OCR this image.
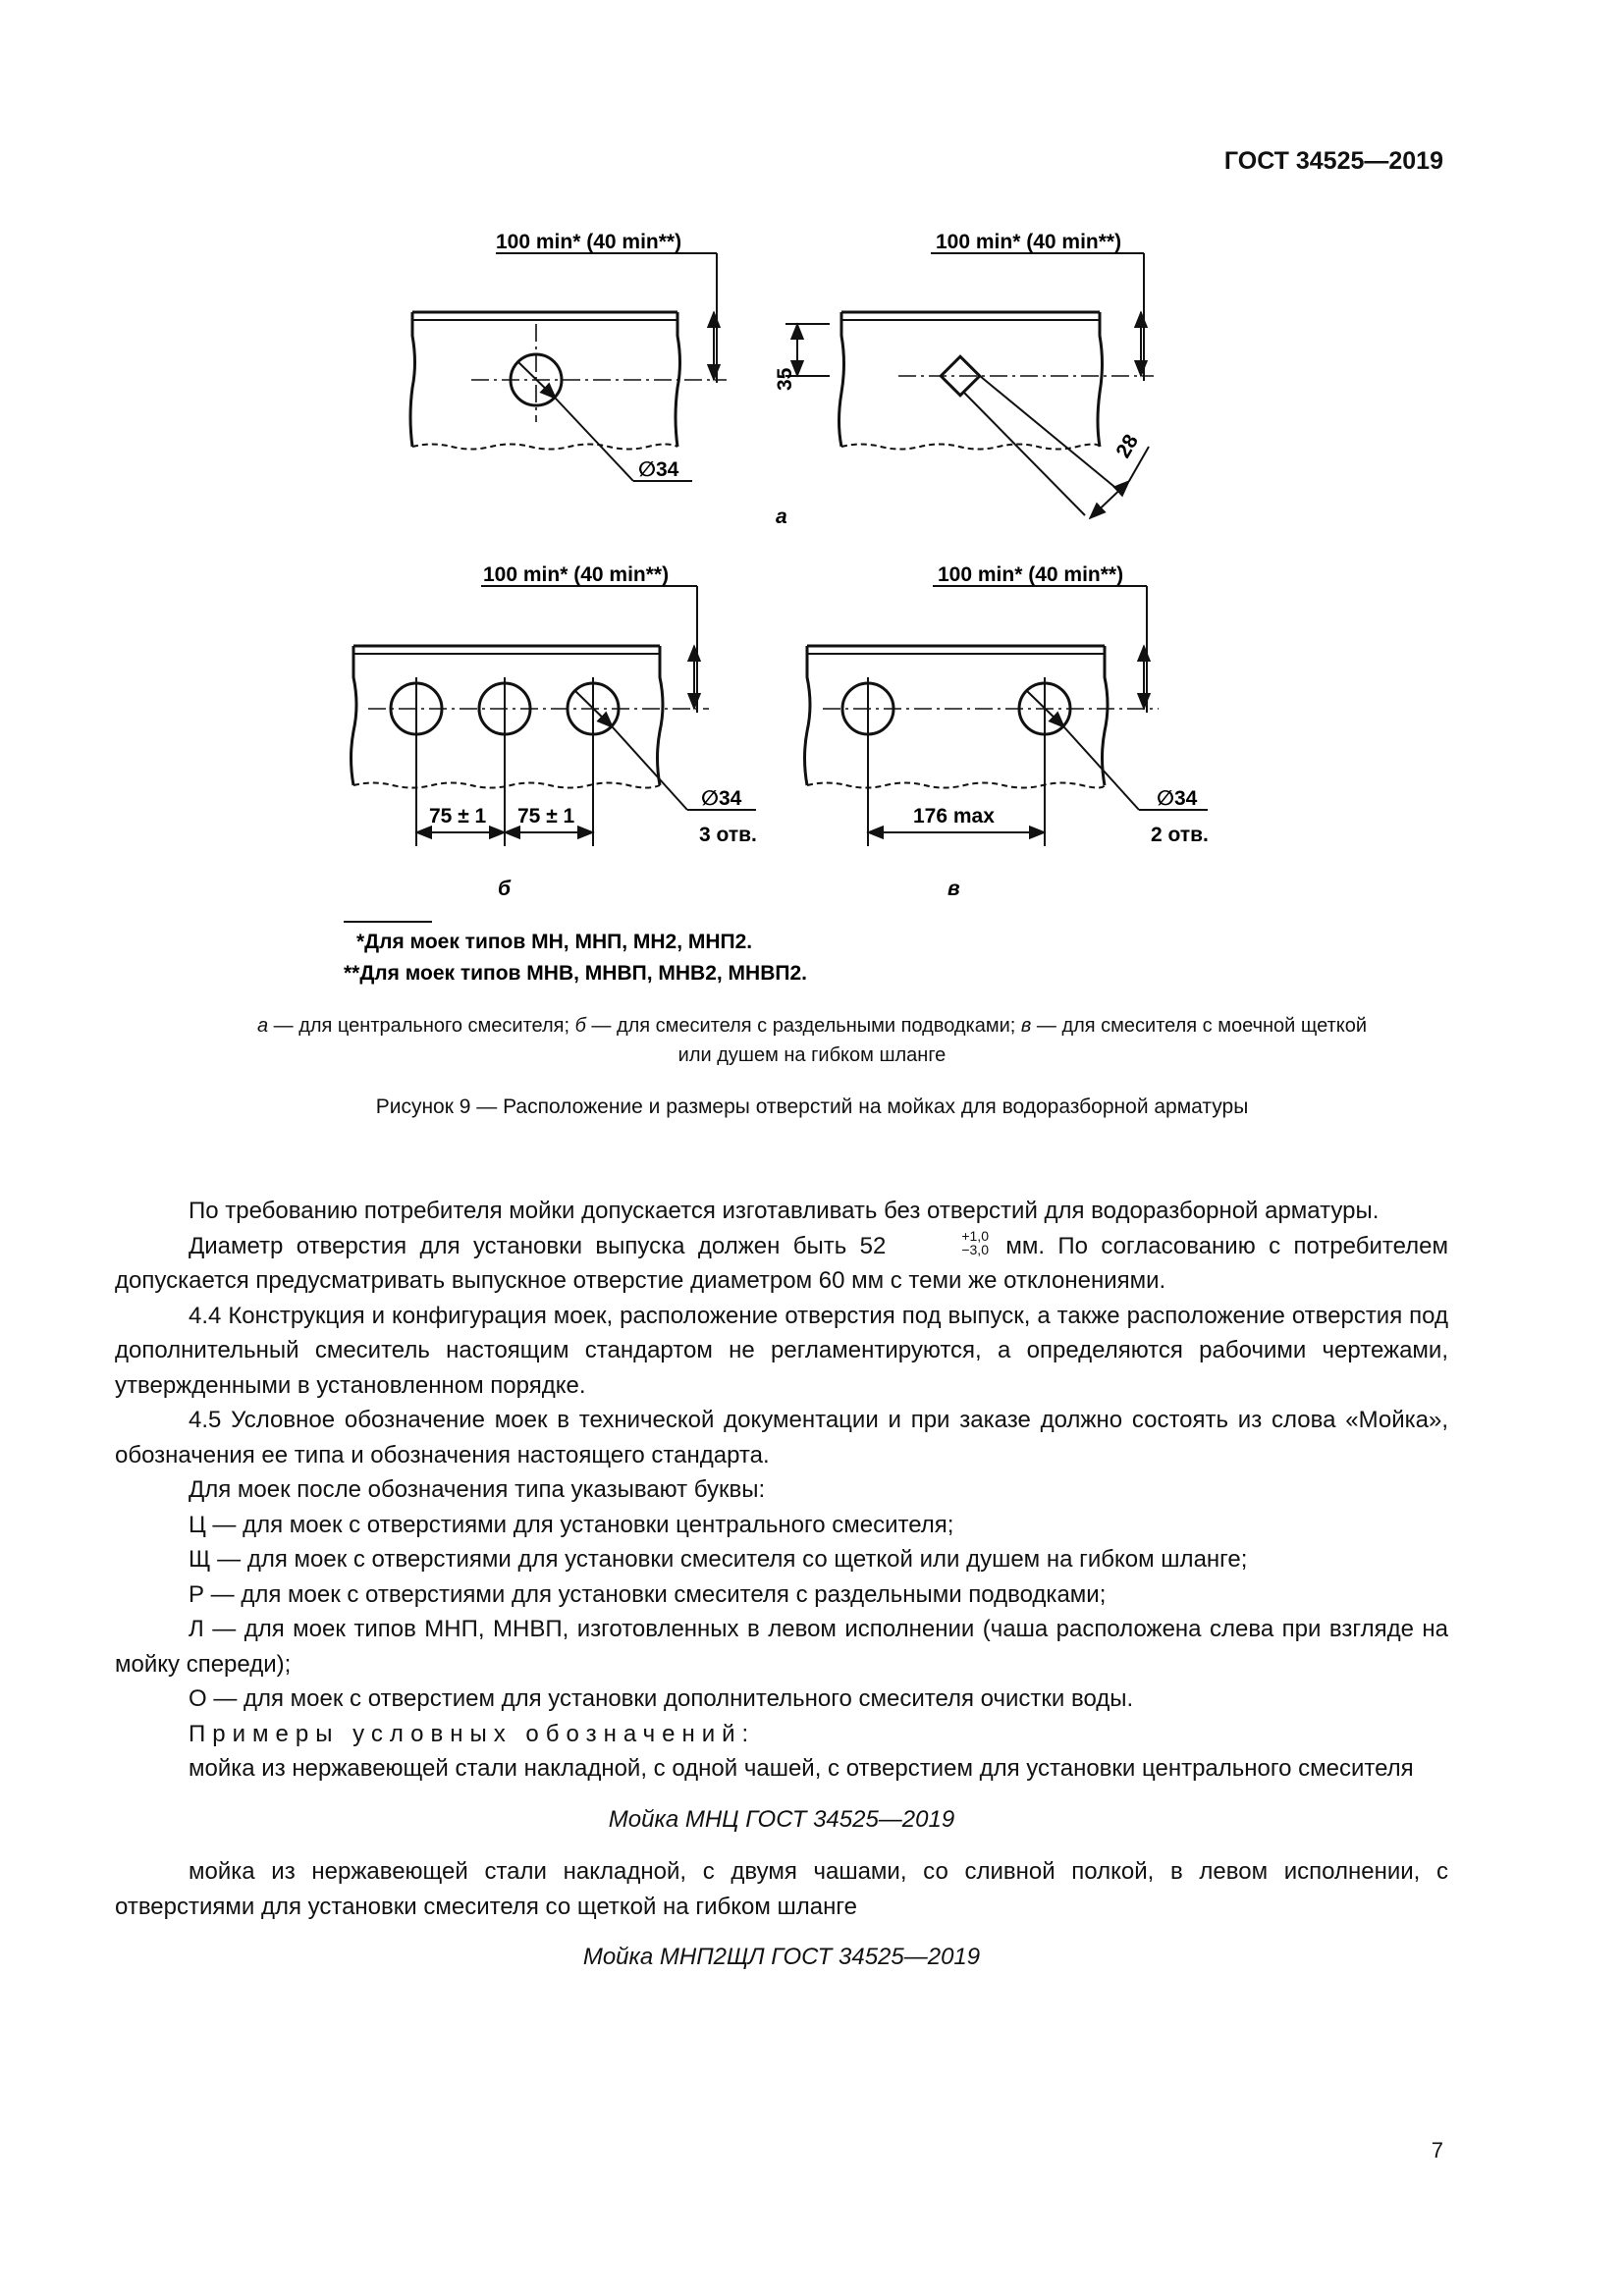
ГОСТ 34525—2019
100 min* (40 min**)
∅34
35
28
100 min* (40 min**)
а
75 ± 1 75 ± 1
∅34
3 отв.
100 min* (40 min**)
б
176 max
∅34
2 отв.
100 min* (40 min**)
в
*Для моек типов МН, МНП, МН2, МНП2.
**Для моек типов МНВ, МНВП, МНВ2, МНВП2.
а — для центрального смесителя; б — для смесителя с раздельными подводками; в — для смесителя с моечной щеткой
или душем на гибком шланге
Рисунок 9 — Расположение и размеры отверстий на мойках для водоразборной арматуры

По требованию потребителя мойки допускается изготавливать без отверстий для водоразборной арматуры.

Диаметр отверстия для установки выпуска должен быть 52	+1,0
−3,0 мм. По согласованию с потребителем допускается предусматривать выпускное отверстие диаметром 60 мм с теми же отклонениями.

4.4 Конструкция и конфигурация моек, расположение отверстия под выпуск, а также расположение отверстия под дополнительный смеситель настоящим стандартом не регламентируются, а определяются рабочими чертежами, утвержденными в установленном порядке.

4.5 Условное обозначение моек в технической документации и при заказе должно состоять из слова «Мойка», обозначения ее типа и обозначения настоящего стандарта.

Для моек после обозначения типа указывают буквы:

Ц — для моек с отверстиями для установки центрального смесителя;

Щ — для моек с отверстиями для установки смесителя со щеткой или душем на гибком шланге;

Р — для моек с отверстиями для установки смесителя с раздельными подводками;

Л — для моек типов МНП, МНВП, изготовленных в левом исполнении (чаша расположена слева при взгляде на мойку спереди);

О — для моек с отверстием для установки дополнительного смесителя очистки воды.

Примеры условных обозначений:

мойка из нержавеющей стали накладной, с одной чашей, с отверстием для установки центрального смесителя

Мойка МНЦ ГОСТ 34525—2019

мойка из нержавеющей стали накладной, с двумя чашами, со сливной полкой, в левом исполнении, с отверстиями для установки смесителя со щеткой на гибком шланге

Мойка МНП2ЩЛ ГОСТ 34525—2019

7
